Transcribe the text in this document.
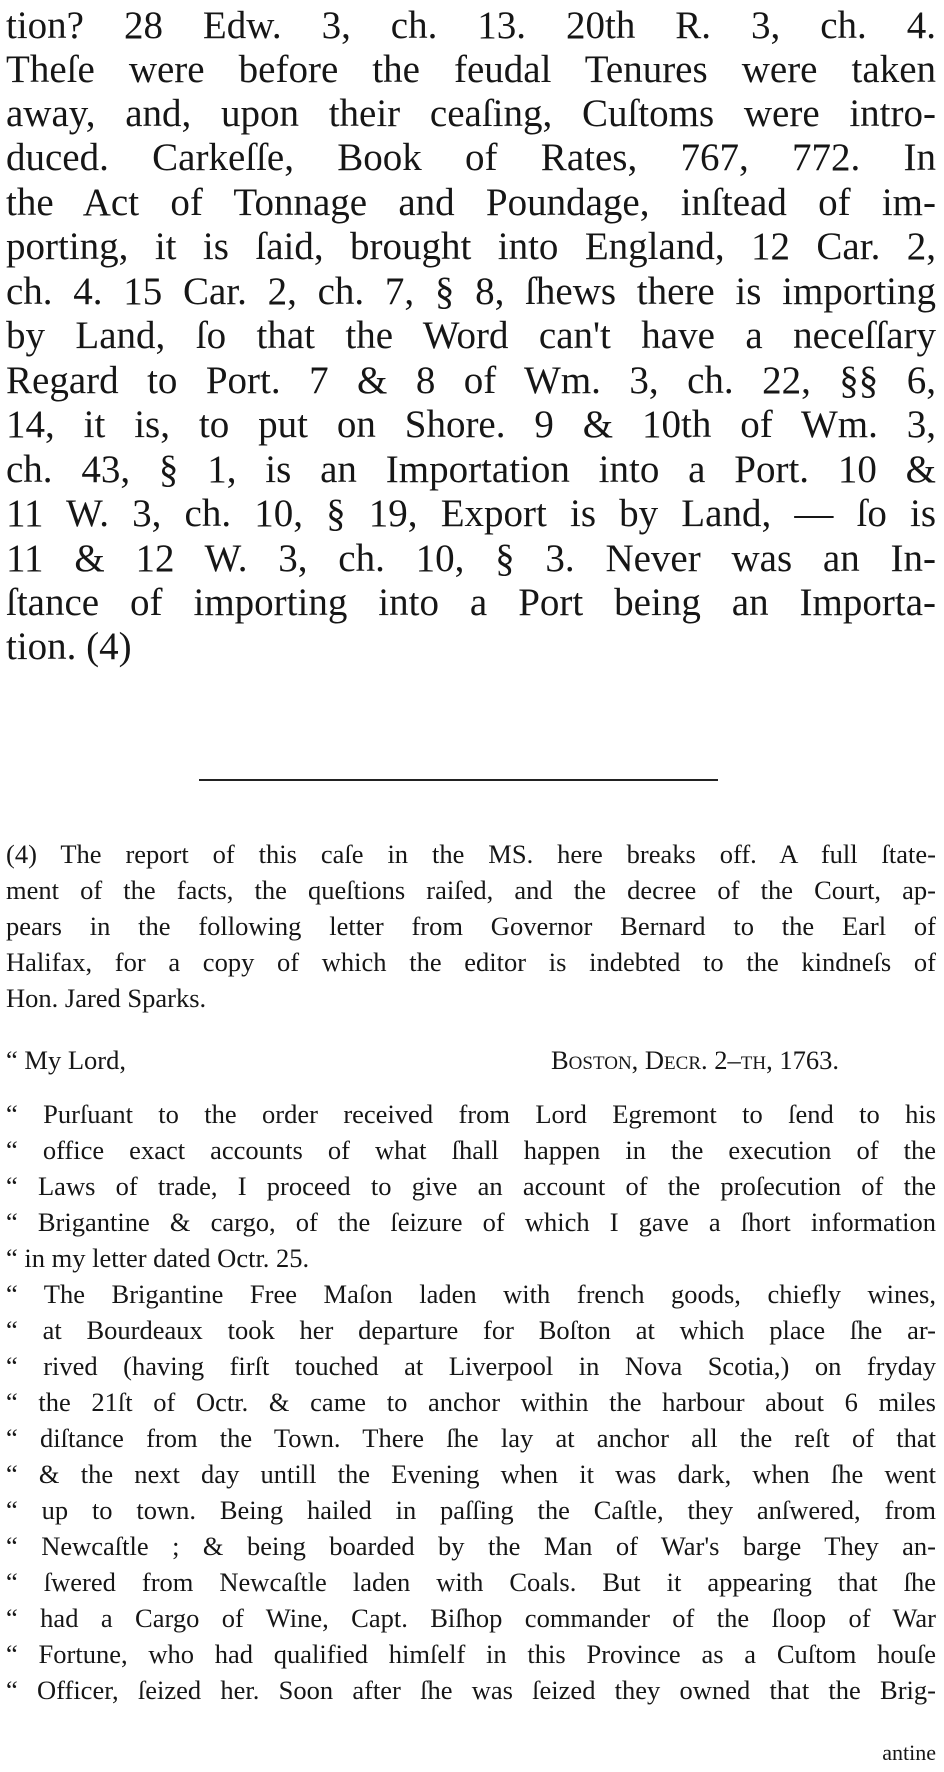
tion? 28 Edw. 3, ch. 13. 20th R. 3, ch. 4.
Theſe were before the feudal Tenures were taken
away, and, upon their ceaſing, Cuſtoms were intro-
duced. Carkeſſe, Book of Rates, 767, 772. In
the Act of Tonnage and Poundage, inſtead of im-
porting, it is ſaid, brought into England, 12 Car. 2,
ch. 4. 15 Car. 2, ch. 7, § 8, ſhews there is importing
by Land, ſo that the Word can't have a neceſſary
Regard to Port. 7 & 8 of Wm. 3, ch. 22, §§ 6,
14, it is, to put on Shore. 9 & 10th of Wm. 3,
ch. 43, § 1, is an Importation into a Port. 10 &
11 W. 3, ch. 10, § 19, Export is by Land, — ſo is
11 & 12 W. 3, ch. 10, § 3. Never was an In-
ſtance of importing into a Port being an Importa-
tion. (4)
(4) The report of this caſe in the MS. here breaks off. A full ſtate-
ment of the facts, the queſtions raiſed, and the decree of the Court, ap-
pears in the following letter from Governor Bernard to the Earl of
Halifax, for a copy of which the editor is indebted to the kindneſs of
Hon. Jared Sparks.
“ My Lord,	Boston, Decr. 2–th, 1763.
“ Purſuant to the order received from Lord Egremont to ſend to his
“ office exact accounts of what ſhall happen in the execution of the
“ Laws of trade, I proceed to give an account of the proſecution of the
“ Brigantine & cargo, of the ſeizure of which I gave a ſhort information
“ in my letter dated Octr. 25.
“ The Brigantine Free Maſon laden with french goods, chiefly wines,
“ at Bourdeaux took her departure for Boſton at which place ſhe ar-
“ rived (having firſt touched at Liverpool in Nova Scotia,) on fryday
“ the 21ſt of Octr. & came to anchor within the harbour about 6 miles
“ diſtance from the Town. There ſhe lay at anchor all the reſt of that
“ & the next day untill the Evening when it was dark, when ſhe went
“ up to town. Being hailed in paſſing the Caſtle, they anſwered, from
“ Newcaſtle ; & being boarded by the Man of War's barge They an-
“ ſwered from Newcaſtle laden with Coals. But it appearing that ſhe
“ had a Cargo of Wine, Capt. Biſhop commander of the ſloop of War
“ Fortune, who had qualified himſelf in this Province as a Cuſtom houſe
“ Officer, ſeized her. Soon after ſhe was ſeized they owned that the Brig-
antine
